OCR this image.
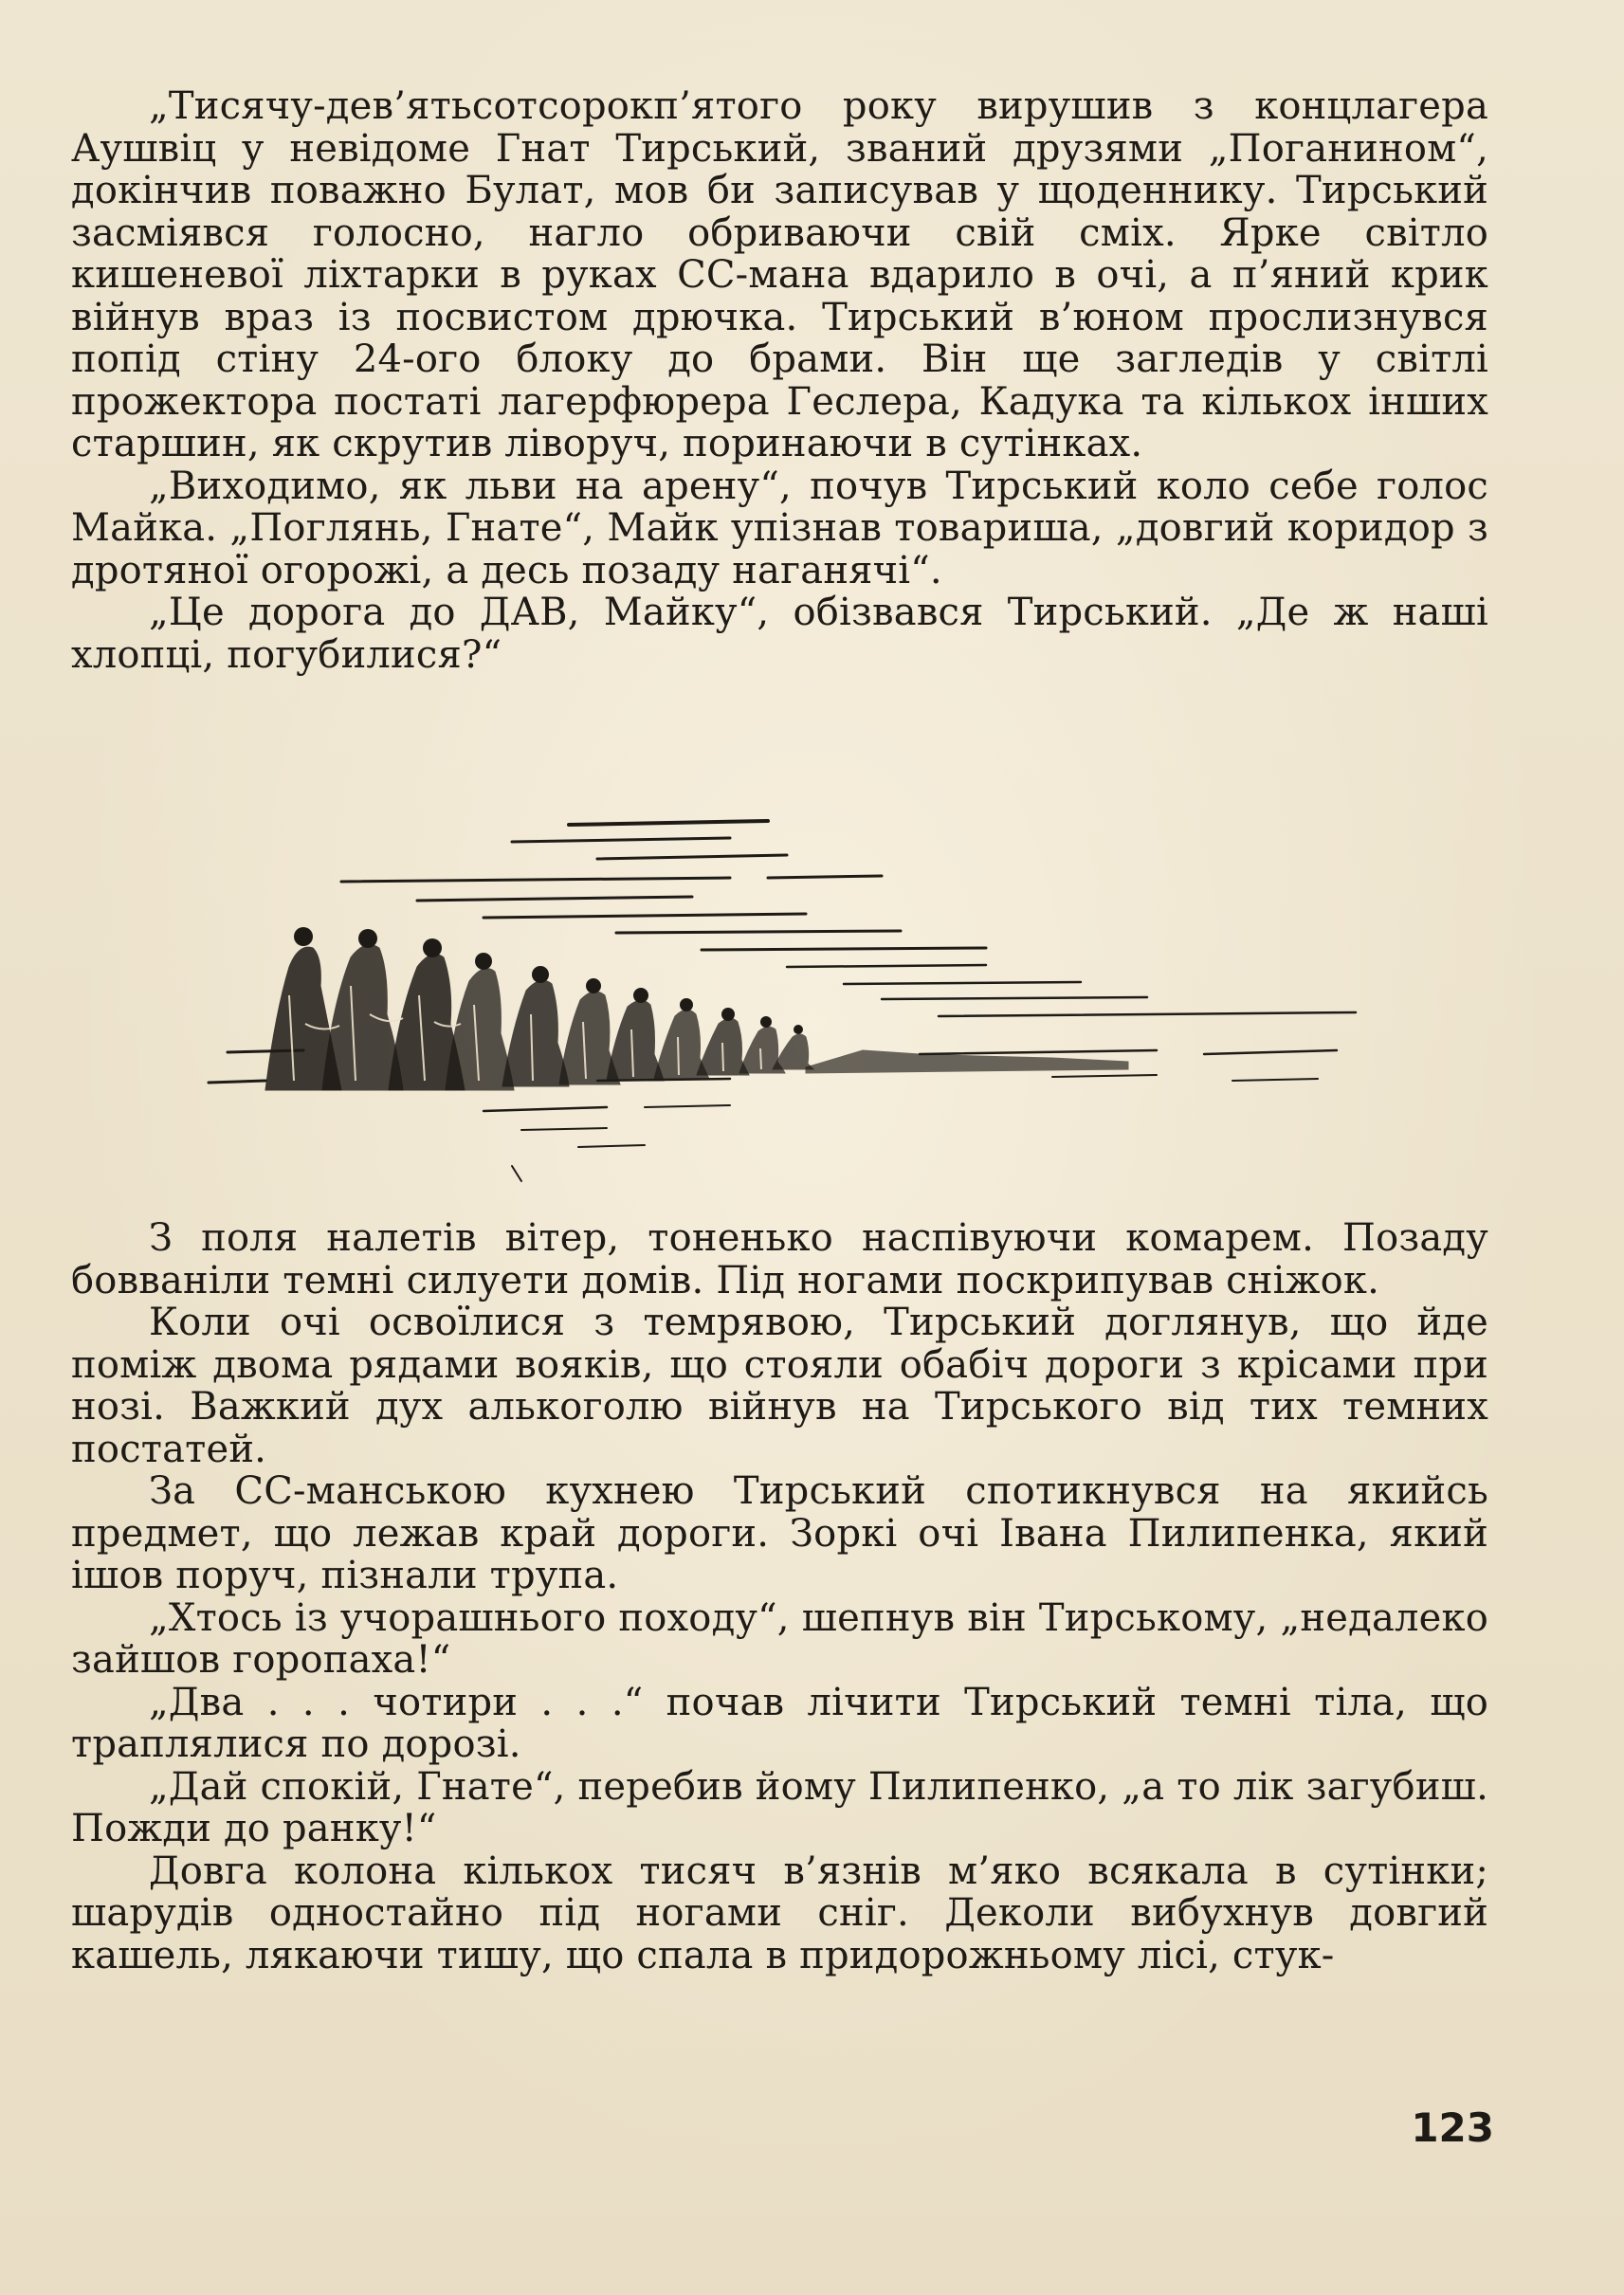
„Тисячу-дев’ятьсотсорокп’ятого року вирушив з концлагера Аушвіц у невідоме Гнат Тирський, званий друзями „Поганином“, докінчив поважно Булат, мов би записував у щоденнику. Тирський засміявся голосно, нагло обриваючи свій сміх. Ярке світло кишеневої ліхтарки в руках СС-мана вдарило в очі, а п’яний крик війнув враз із посвистом дрючка. Тирський в’юном прослизнувся попід стіну 24-ого блоку до брами. Він ще загледів у світлі прожектора постаті лагерфюрера Геслера, Кадука та кількох інших старшин, як скрутив ліворуч, поринаючи в сутінках.

„Виходимо, як льви на арену“, почув Тирський коло себе голос Майка. „Поглянь, Гнате“, Майк упізнав товариша, „довгий коридор з дротяної огорожі, а десь позаду наганячі“.

„Це дорога до ДАВ, Майку“, обізвався Тирський. „Де ж наші хлопці, погубилися?“

З поля налетів вітер, тоненько наспівуючи комарем. Позаду бовваніли темні силуети домів. Під ногами поскрипував сніжок.

Коли очі освоїлися з темрявою, Тирський доглянув, що йде поміж двома рядами вояків, що стояли обабіч дороги з крісами при нозі. Важкий дух алькоголю війнув на Тирського від тих темних постатей.

За СС-манською кухнею Тирський спотикнувся на якийсь предмет, що лежав край дороги. Зоркі очі Івана Пилипенка, який ішов поруч, пізнали трупа.

„Хтось із учорашнього походу“, шепнув він Тирському, „недалеко зайшов горопаха!“

„Два . . . чотири . . .“ почав лічити Тирський темні тіла, що траплялися по дорозі.

„Дай спокій, Гнате“, перебив йому Пилипенко, „а то лік загубиш. Пожди до ранку!“

Довга колона кількох тисяч в’язнів м’яко всякала в сутінки; шарудів одностайно під ногами сніг. Деколи вибухнув довгий кашель, лякаючи тишу, що спала в придорожньому лісі, стук-

123
